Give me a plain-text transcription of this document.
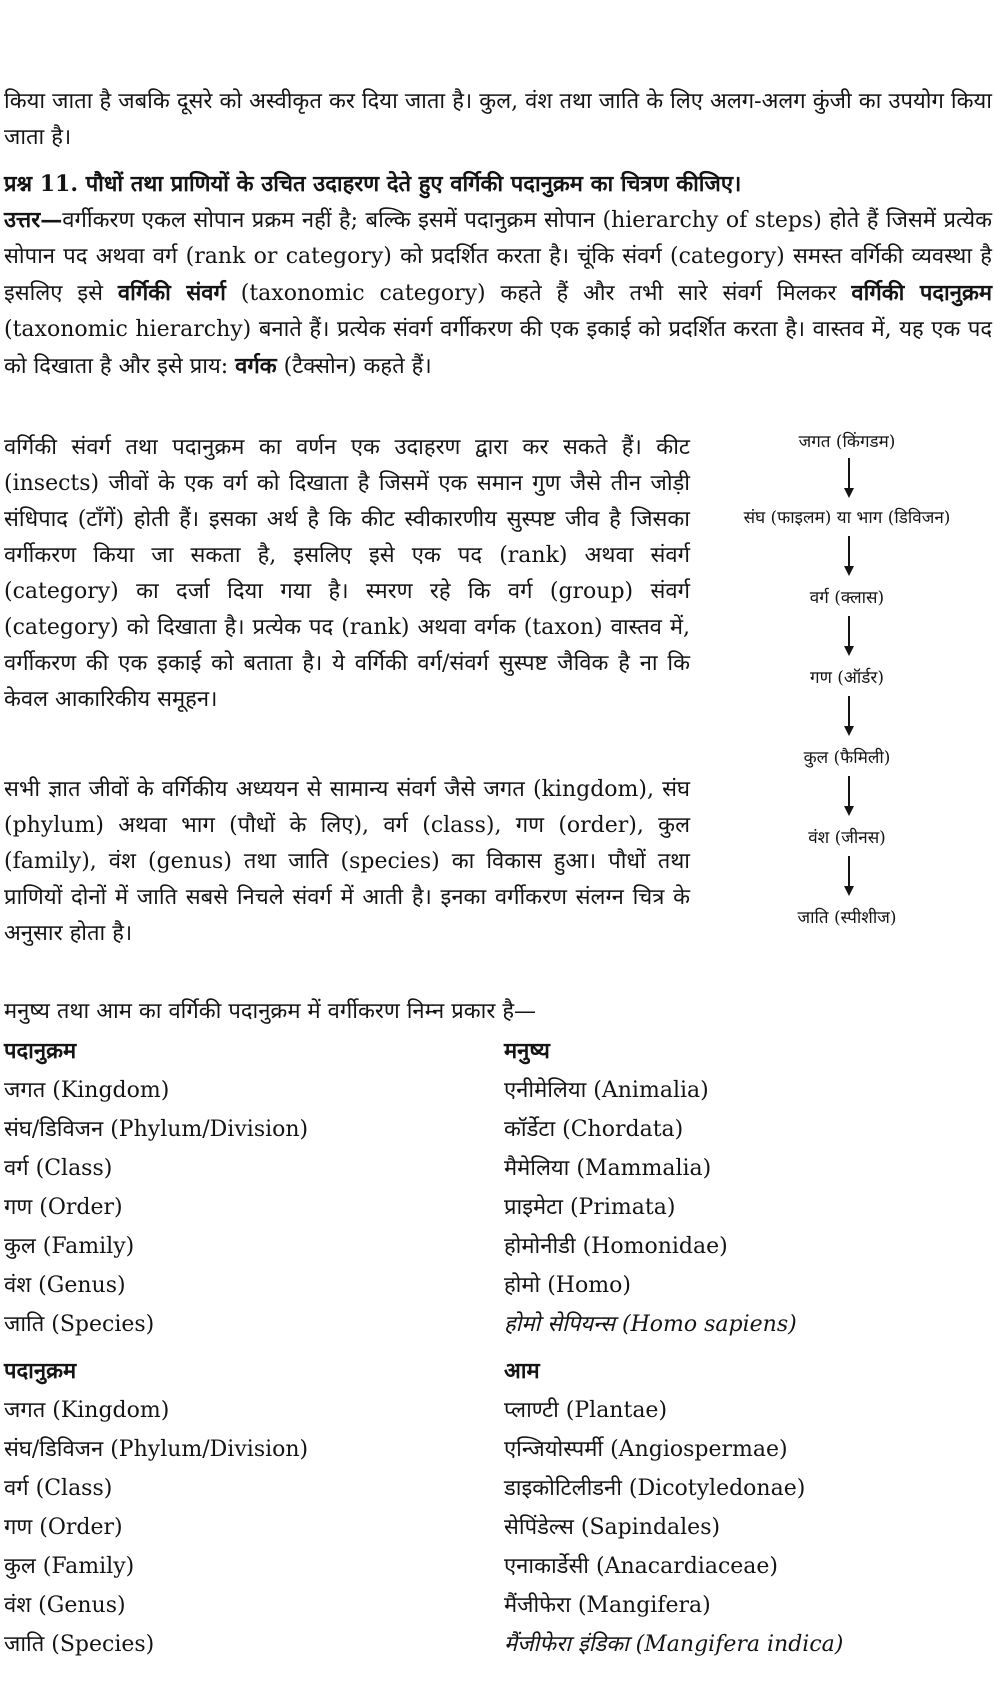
किया जाता है जबकि दूसरे को अस्वीकृत कर दिया जाता है। कुल, वंश तथा जाति के लिए अलग-अलग कुंजी का उपयोग किया जाता है।

प्रश्न 11. पौधों तथा प्राणियों के उचित उदाहरण देते हुए वर्गिकी पदानुक्रम का चित्रण कीजिए।

उत्तर—वर्गीकरण एकल सोपान प्रक्रम नहीं है; बल्कि इसमें पदानुक्रम सोपान (hierarchy of steps) होते हैं जिसमें प्रत्येक सोपान पद अथवा वर्ग (rank or category) को प्रदर्शित करता है। चूंकि संवर्ग (category) समस्त वर्गिकी व्यवस्था है इसलिए इसे वर्गिकी संवर्ग (taxonomic category) कहते हैं और तभी सारे संवर्ग मिलकर वर्गिकी पदानुक्रम (taxonomic hierarchy) बनाते हैं। प्रत्येक संवर्ग वर्गीकरण की एक इकाई को प्रदर्शित करता है। वास्तव में, यह एक पद को दिखाता है और इसे प्राय: वर्गक (टैक्सोन) कहते हैं।

वर्गिकी संवर्ग तथा पदानुक्रम का वर्णन एक उदाहरण द्वारा कर सकते हैं। कीट (insects) जीवों के एक वर्ग को दिखाता है जिसमें एक समान गुण जैसे तीन जोड़ी संधिपाद (टाँगें) होती हैं। इसका अर्थ है कि कीट स्वीकारणीय सुस्पष्ट जीव है जिसका वर्गीकरण किया जा सकता है, इसलिए इसे एक पद (rank) अथवा संवर्ग (category) का दर्जा दिया गया है। स्मरण रहे कि वर्ग (group) संवर्ग (category) को दिखाता है। प्रत्येक पद (rank) अथवा वर्गक (taxon) वास्तव में, वर्गीकरण की एक इकाई को बताता है। ये वर्गिकी वर्ग/संवर्ग सुस्पष्ट जैविक है ना कि केवल आकारिकीय समूहन।

सभी ज्ञात जीवों के वर्गिकीय अध्ययन से सामान्य संवर्ग जैसे जगत (kingdom), संघ (phylum) अथवा भाग (पौधों के लिए), वर्ग (class), गण (order), कुल (family), वंश (genus) तथा जाति (species) का विकास हुआ। पौधों तथा प्राणियों दोनों में जाति सबसे निचले संवर्ग में आती है। इनका वर्गीकरण संलग्न चित्र के अनुसार होता है।

मनुष्य तथा आम का वर्गिकी पदानुक्रम में वर्गीकरण निम्न प्रकार है—

जगत (किंगडम)
संघ (फाइलम) या भाग (डिविजन)
वर्ग (क्लास)
गण (ऑर्डर)
कुल (फैमिली)
वंश (जीनस)
जाति (स्पीशीज)
पदानुक्रम	मनुष्य
जगत (Kingdom)	एनीमेलिया (Animalia)
संघ/डिविजन (Phylum/Division)	कॉर्डेटा (Chordata)
वर्ग (Class)	मैमेलिया (Mammalia)
गण (Order)	प्राइमेटा (Primata)
कुल (Family)	होमोनीडी (Homonidae)
वंश (Genus)	होमो (Homo)
जाति (Species)	होमो सेपियन्स (Homo sapiens)
पदानुक्रम	आम
जगत (Kingdom)	प्लाण्टी (Plantae)
संघ/डिविजन (Phylum/Division)	एन्जियोस्पर्मी (Angiospermae)
वर्ग (Class)	डाइकोटिलीडनी (Dicotyledonae)
गण (Order)	सेपिंडेल्स (Sapindales)
कुल (Family)	एनाकार्डेसी (Anacardiaceae)
वंश (Genus)	मैंजीफेरा (Mangifera)
जाति (Species)	मैंजीफेरा इंडिका (Mangifera indica)
